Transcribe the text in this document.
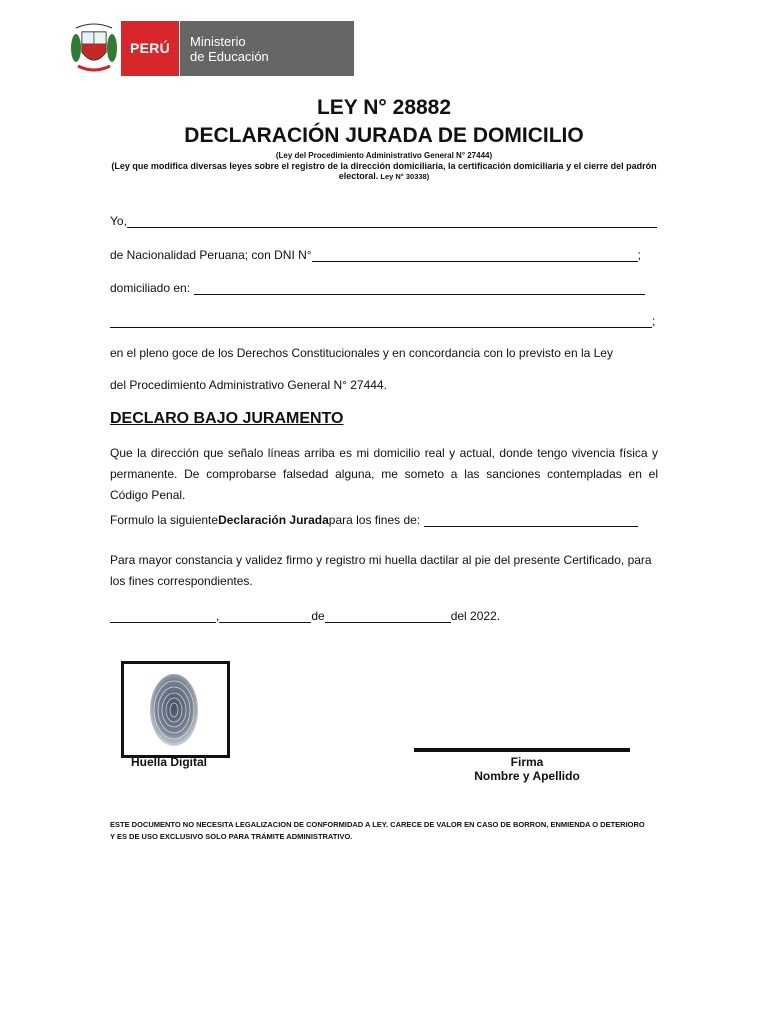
PERÚ	Ministerio
de Educación
LEY N° 28882
DECLARACIÓN JURADA DE DOMICILIO
(Ley del Procedimiento Administrativo General N° 27444)
(Ley que modifica diversas leyes sobre el registro de la dirección domiciliaria, la certificación domiciliaria y el cierre del padrón electoral. Ley N° 30338)
Yo,
de Nacionalidad Peruana; con DNI N°	;
domiciliado en:
;
en el pleno goce de los Derechos Constitucionales y en concordancia con lo previsto en la Ley
del Procedimiento Administrativo General N° 27444.
DECLARO BAJO JURAMENTO
Que la dirección que señalo líneas arriba es mi domicilio real y actual, donde tengo vivencia física y permanente. De comprobarse falsedad alguna, me someto a las sanciones contempladas en el Código Penal.
Formulo la siguiente Declaración Jurada para los fines de:
Para mayor constancia y validez firmo y registro mi huella dactilar al pie del presente Certificado, para los fines correspondientes.
,	de	del 2022.
Huella Digital	Firma
Nombre y Apellido
ESTE DOCUMENTO NO NECESITA LEGALIZACION DE CONFORMIDAD A LEY. CARECE DE VALOR EN CASO DE BORRON, ENMIENDA O DETERIORO Y ES DE USO EXCLUSIVO SOLO PARA TRÁMITE ADMINISTRATIVO.
